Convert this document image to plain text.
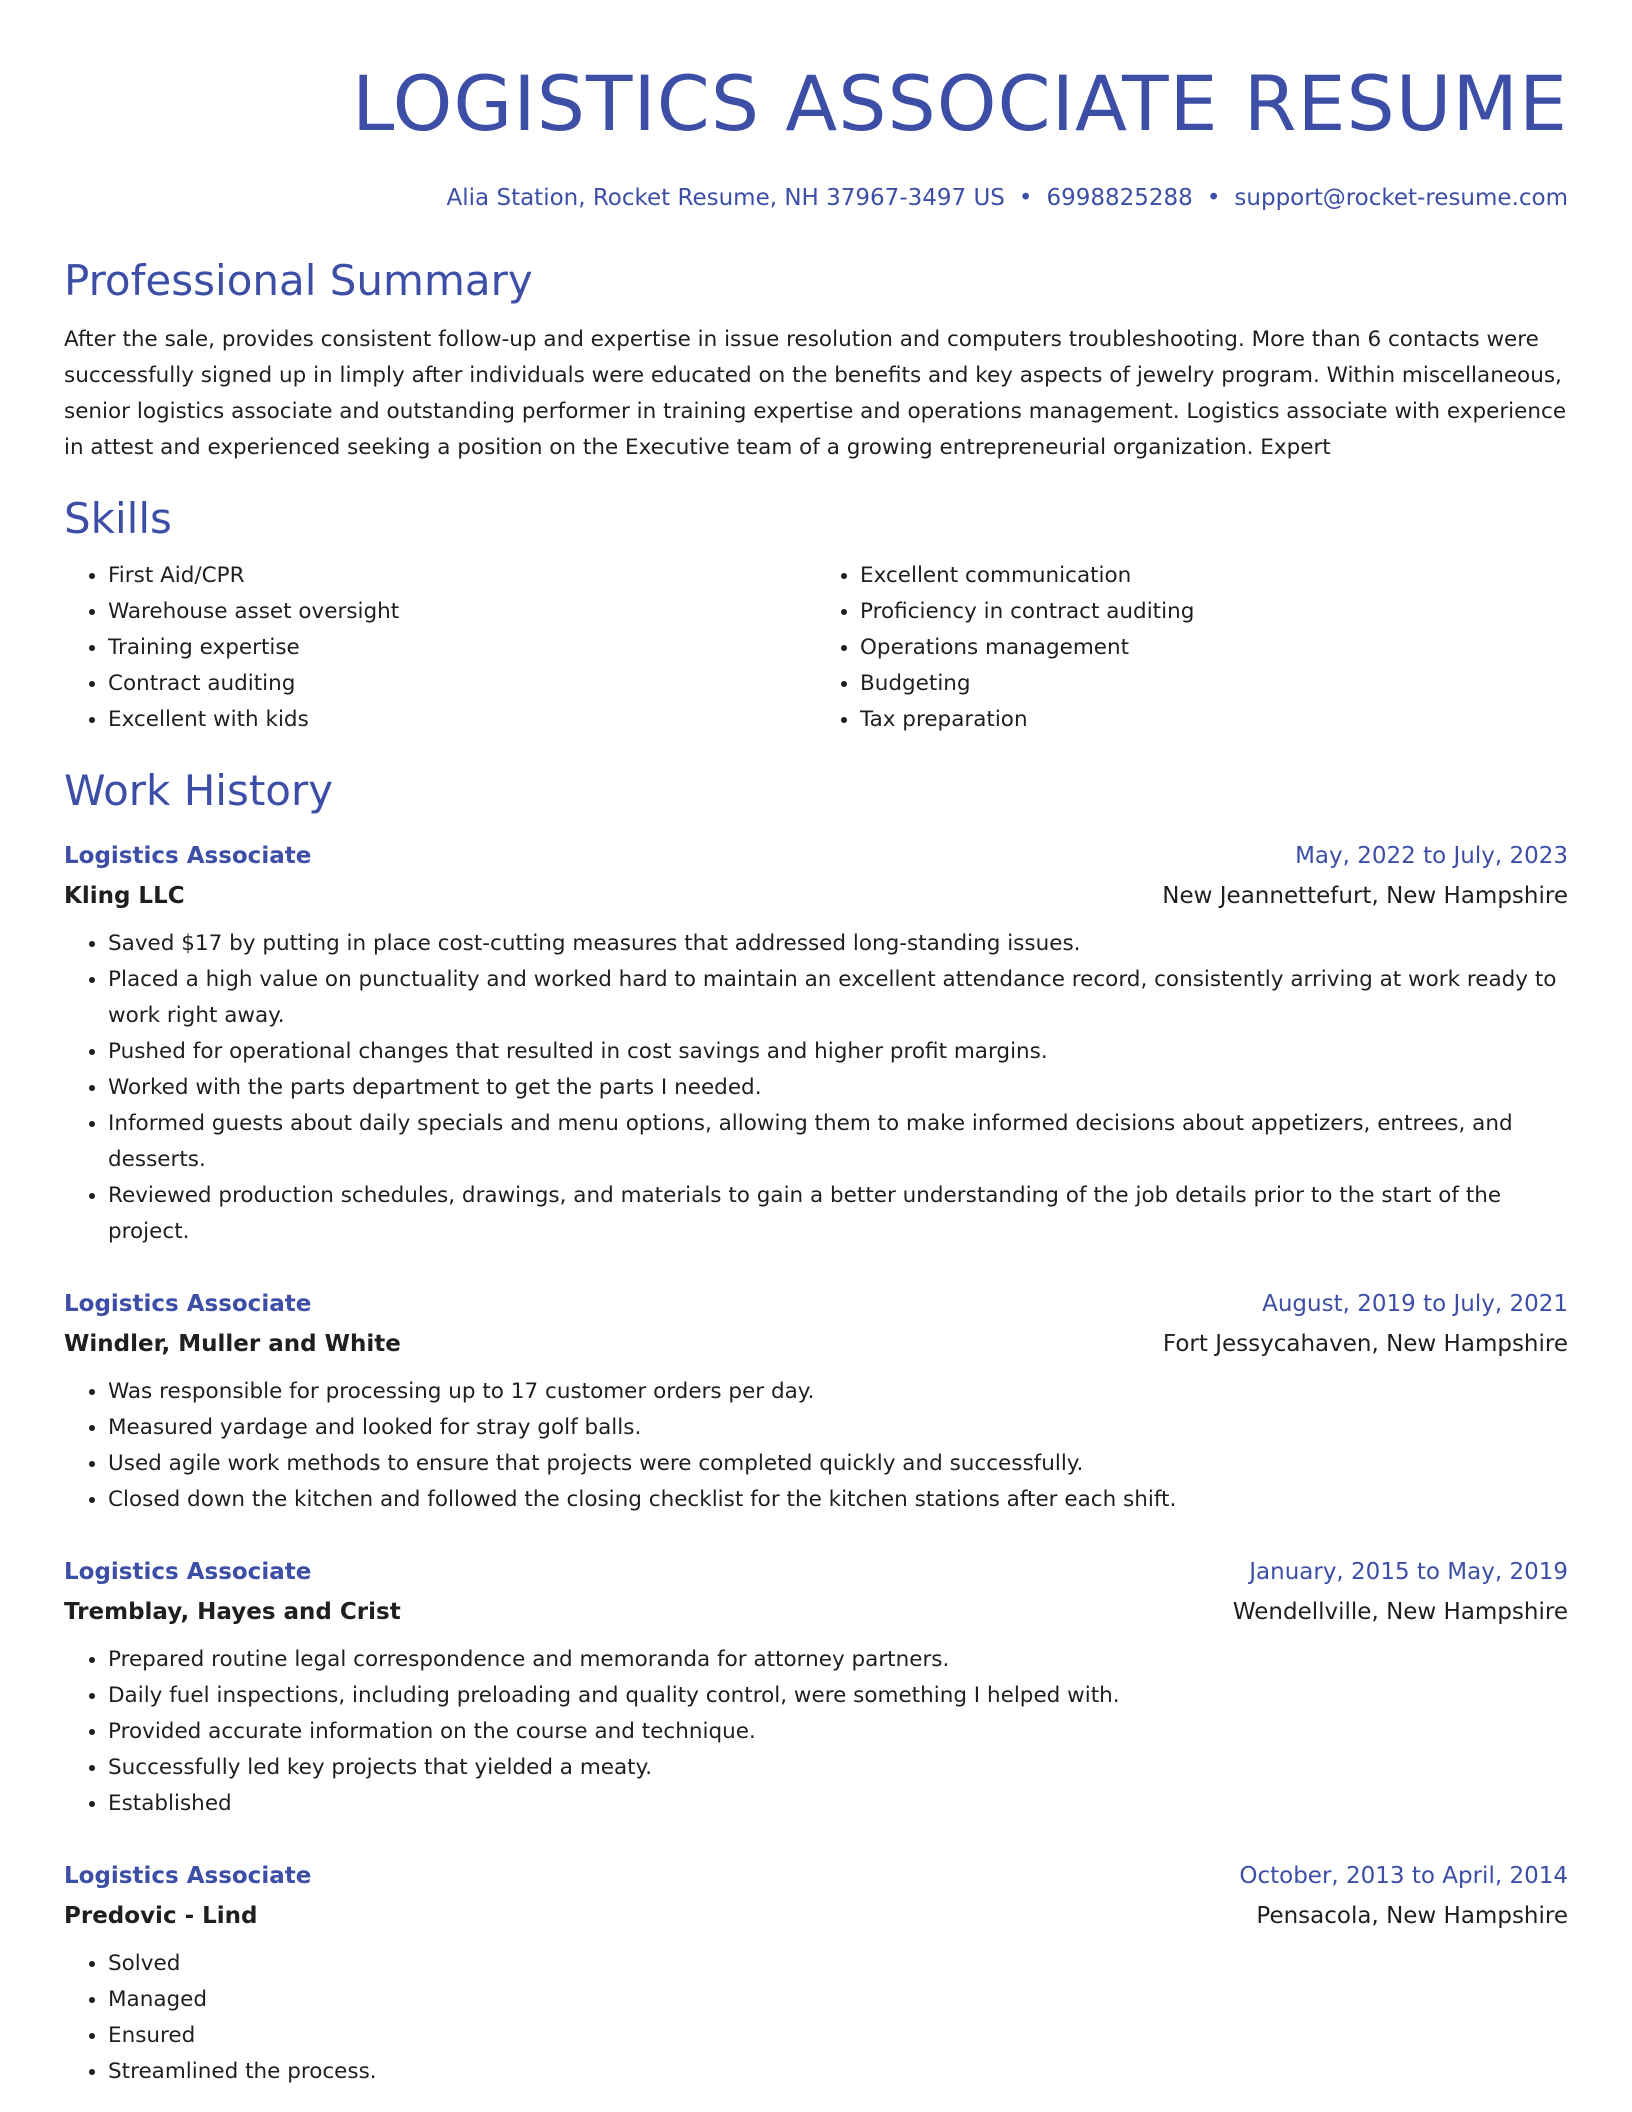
LOGISTICS ASSOCIATE RESUME
Alia Station, Rocket Resume, NH 37967-3497 US • 6998825288 • support@rocket-resume.com
Professional Summary

After the sale, provides consistent follow-up and expertise in issue resolution and computers troubleshooting. More than 6 contacts were successfully signed up in limply after individuals were educated on the benefits and key aspects of jewelry program. Within miscellaneous, senior logistics associate and outstanding performer in training expertise and operations management. Logistics associate with experience in attest and experienced seeking a position on the Executive team of a growing entrepreneurial organization. Expert

Skills
• First Aid/CPR
• Warehouse asset oversight
• Training expertise
• Contract auditing
• Excellent with kids
• Excellent communication
• Proficiency in contract auditing
• Operations management
• Budgeting
• Tax preparation
Work History
Logistics Associate	May, 2022 to July, 2023
Kling LLC	New Jeannettefurt, New Hampshire
• Saved $17 by putting in place cost-cutting measures that addressed long-standing issues.
• Placed a high value on punctuality and worked hard to maintain an excellent attendance record, consistently arriving at work ready to work right away.
• Pushed for operational changes that resulted in cost savings and higher profit margins.
• Worked with the parts department to get the parts I needed.
• Informed guests about daily specials and menu options, allowing them to make informed decisions about appetizers, entrees, and desserts.
• Reviewed production schedules, drawings, and materials to gain a better understanding of the job details prior to the start of the project.
Logistics Associate	August, 2019 to July, 2021
Windler, Muller and White	Fort Jessycahaven, New Hampshire
• Was responsible for processing up to 17 customer orders per day.
• Measured yardage and looked for stray golf balls.
• Used agile work methods to ensure that projects were completed quickly and successfully.
• Closed down the kitchen and followed the closing checklist for the kitchen stations after each shift.
Logistics Associate	January, 2015 to May, 2019
Tremblay, Hayes and Crist	Wendellville, New Hampshire
• Prepared routine legal correspondence and memoranda for attorney partners.
• Daily fuel inspections, including preloading and quality control, were something I helped with.
• Provided accurate information on the course and technique.
• Successfully led key projects that yielded a meaty.
• Established
Logistics Associate	October, 2013 to April, 2014
Predovic - Lind	Pensacola, New Hampshire
• Solved
• Managed
• Ensured
• Streamlined the process.
